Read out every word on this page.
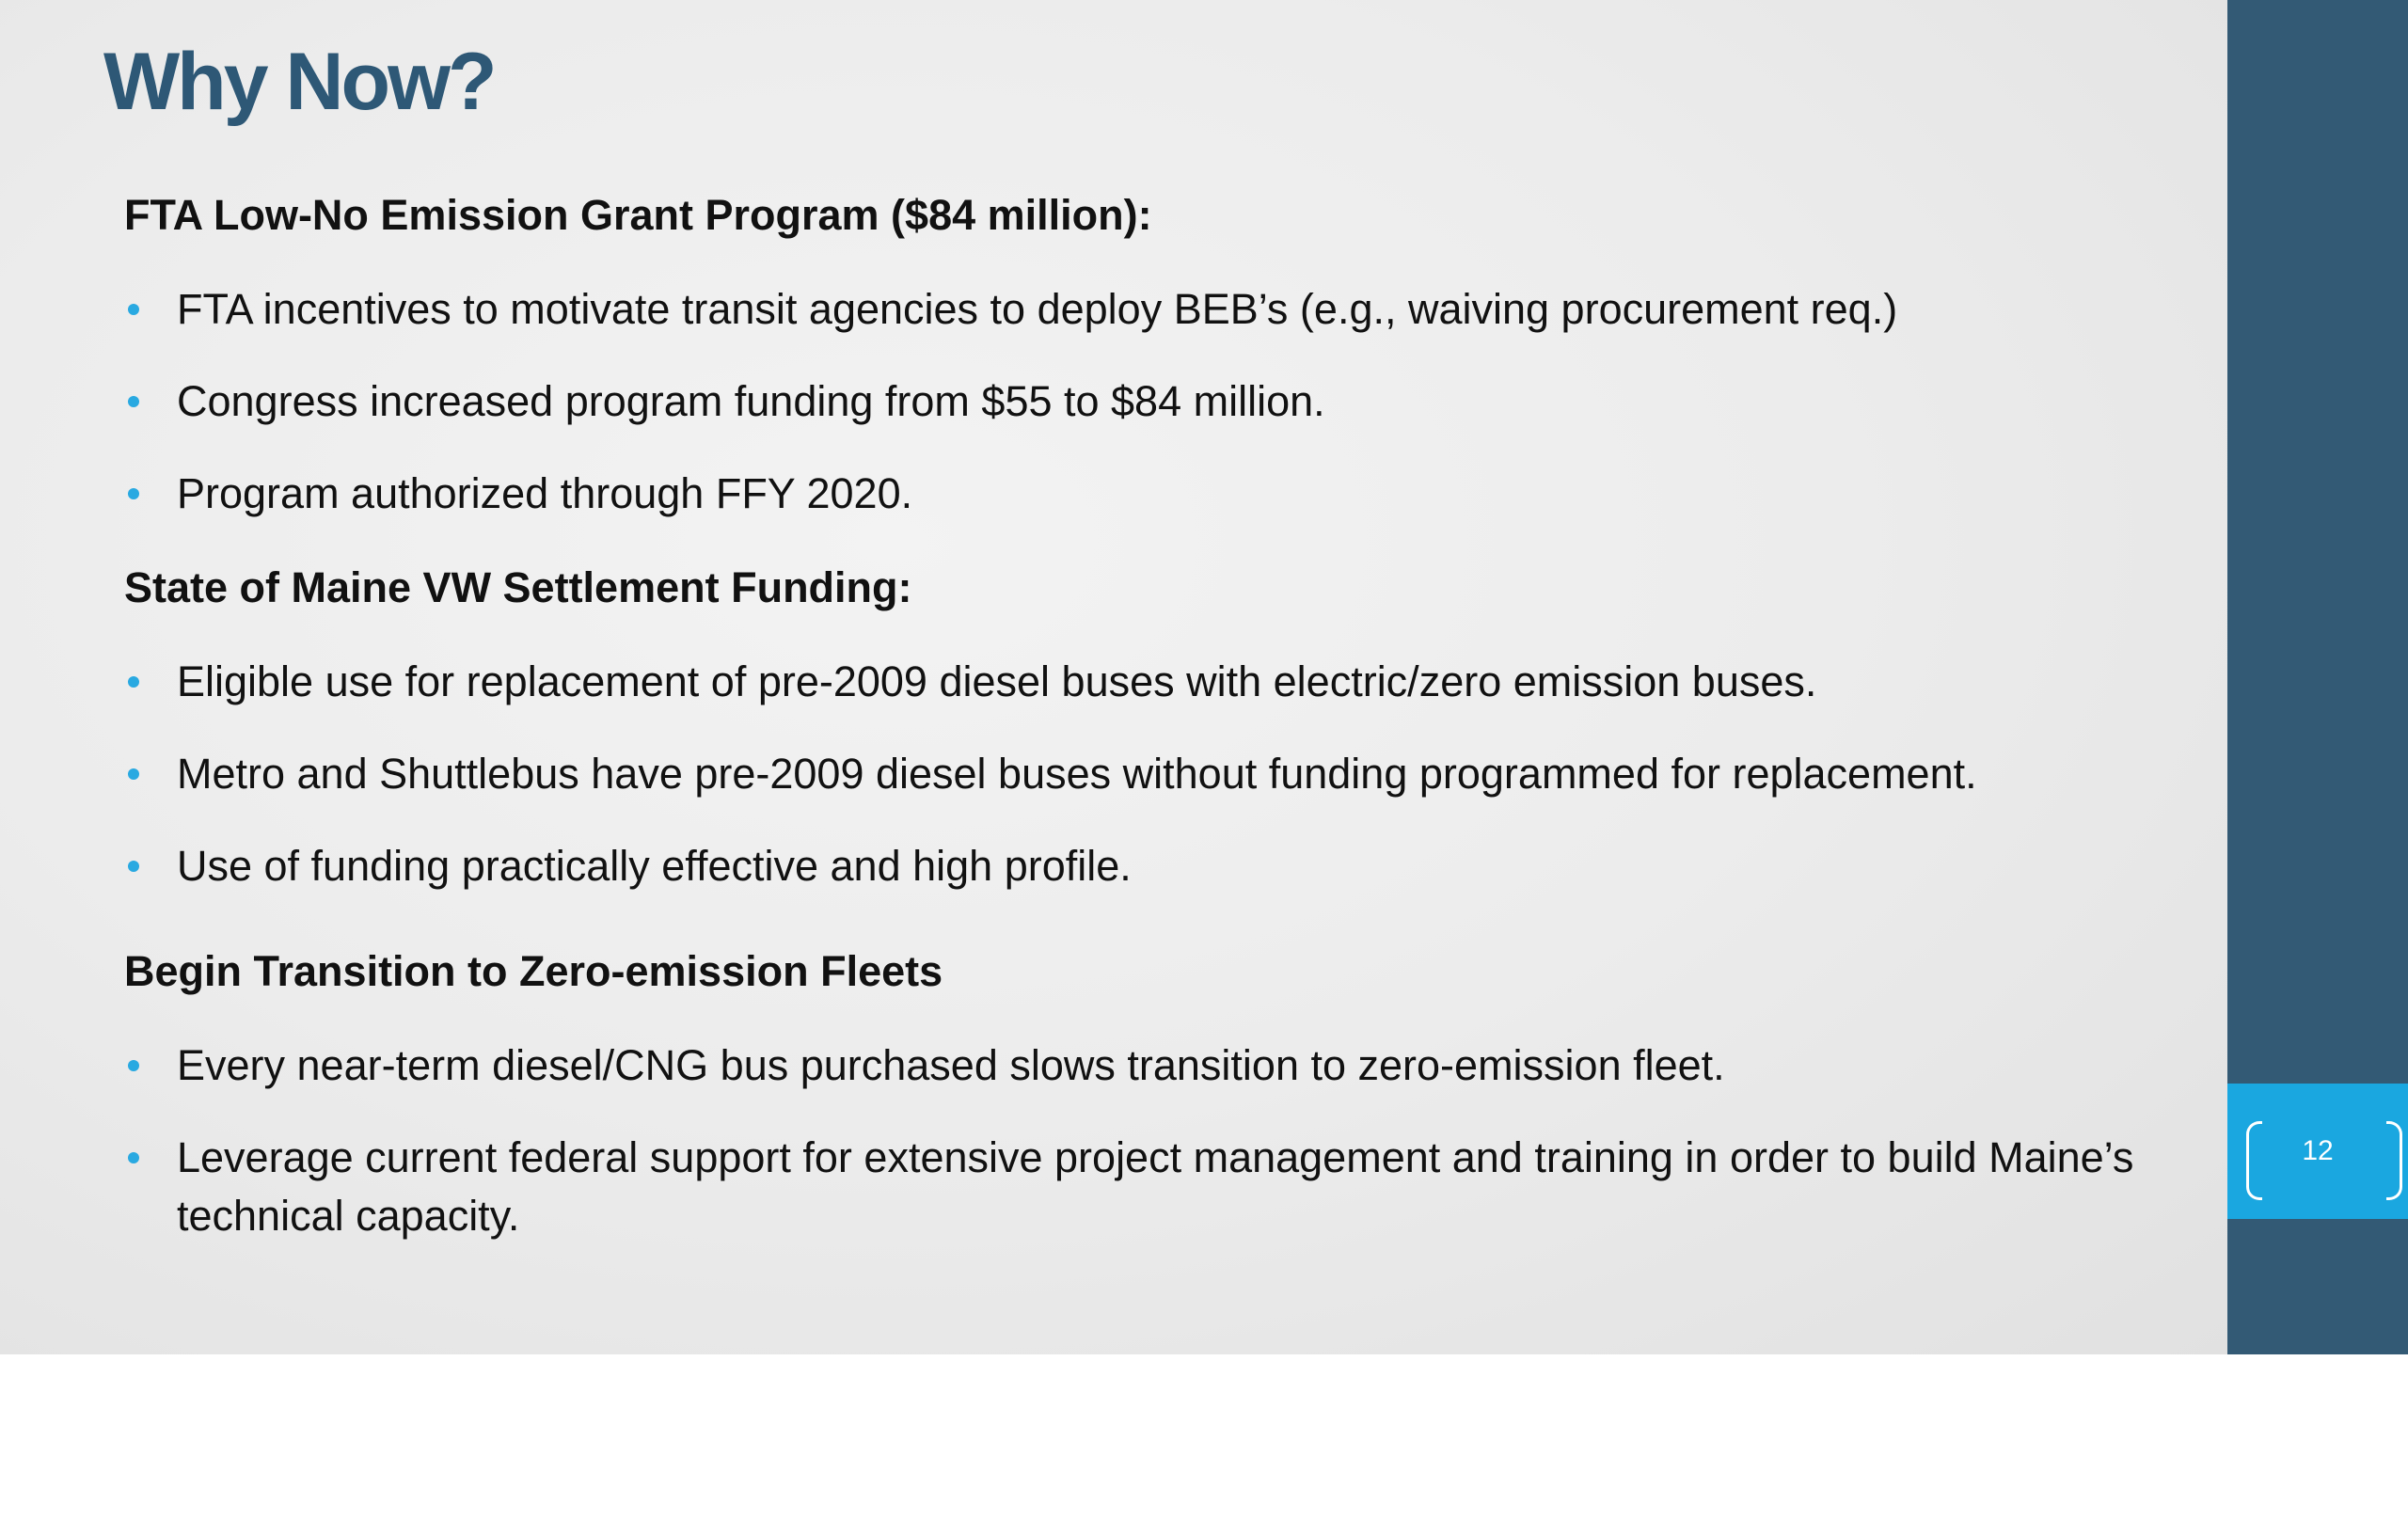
Why Now?

FTA Low-No Emission Grant Program ($84 million):

FTA incentives to motivate transit agencies to deploy BEB’s (e.g., waiving procurement req.)
Congress increased program funding from $55 to $84 million.
Program authorized through FFY 2020.

State of Maine VW Settlement Funding:

Eligible use for replacement of pre-2009 diesel buses with electric/zero emission buses.
Metro and Shuttlebus have pre-2009 diesel buses without funding programmed for replacement.
Use of funding practically effective and high profile.

Begin Transition to Zero-emission Fleets

Every near-term diesel/CNG bus purchased slows transition to zero-emission fleet.
Leverage current federal support for extensive project management and training in order to build Maine’s technical capacity.
12
